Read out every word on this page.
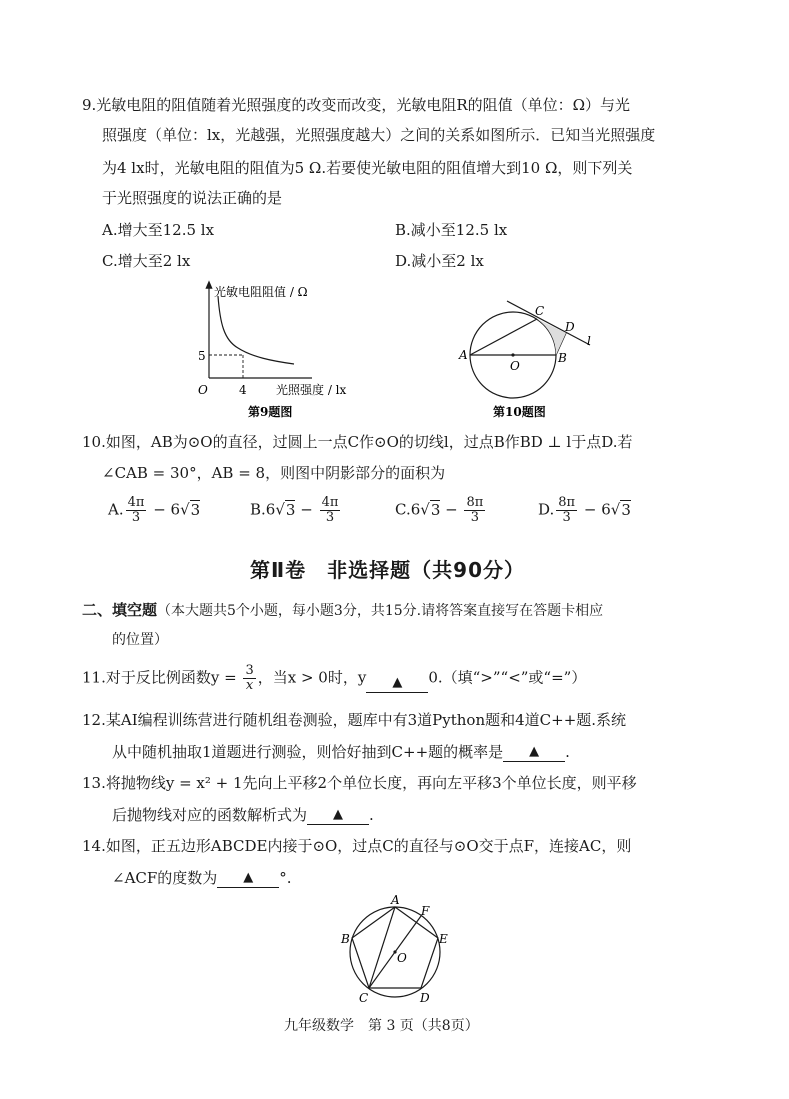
9.光敏电阻的阻值随着光照强度的改变而改变，光敏电阻R的阻值（单位：Ω）与光
照强度（单位：lx，光越强，光照强度越大）之间的关系如图所示．已知当光照强度
为4 lx时，光敏电阻的阻值为5 Ω.若要使光敏电阻的阻值增大到10 Ω，则下列关
于光照强度的说法正确的是
A.增大至12.5 lx	B.减小至12.5 lx
C.增大至2 lx	D.减小至2 lx
光敏电阻阻值 / Ω
5
O	4 光照强度 / lx
第9题图
A	B
C
D
O
l
第10题图
10.如图，AB为⊙O的直径，过圆上一点C作⊙O的切线l，过点B作BD ⊥ l于点D.若
∠CAB = 30°，AB = 8，则图中阴影部分的面积为
A. $\frac{4\pi}{3} - 6√3$	$B.6√3 - \frac{4\pi}{3}$	$C.6√3 - \frac{8\pi}{3}$	D. $\frac{8\pi}{3} - 6√3$
第Ⅱ卷　非选择题（共90分）
二、填空题（本大题共5个小题，每小题3分，共15分.请将答案直接写在答题卡相应
的位置）
11.对于反比例函数$y = \frac{3}{x}$ ，当x > 0时，y ▲ 0.（填“>”“<”或“=”）
12.某AI编程训练营进行随机组卷测验，题库中有3道Python题和4道C++题.系统
从中随机抽取1道题进行测验，则恰好抽到C++题的概率是 ▲ .
13.将抛物线y = x² + 1先向上平移2个单位长度，再向左平移3个单位长度，则平移
后抛物线对应的函数解析式为 ▲ .
14.如图，正五边形ABCDE内接于⊙O，过点C的直径与⊙O交于点F，连接AC，则
∠ACF的度数为 ▲ °.
A
B
C	D
E
F
O
九年级数学　第 3 页（共8页）
